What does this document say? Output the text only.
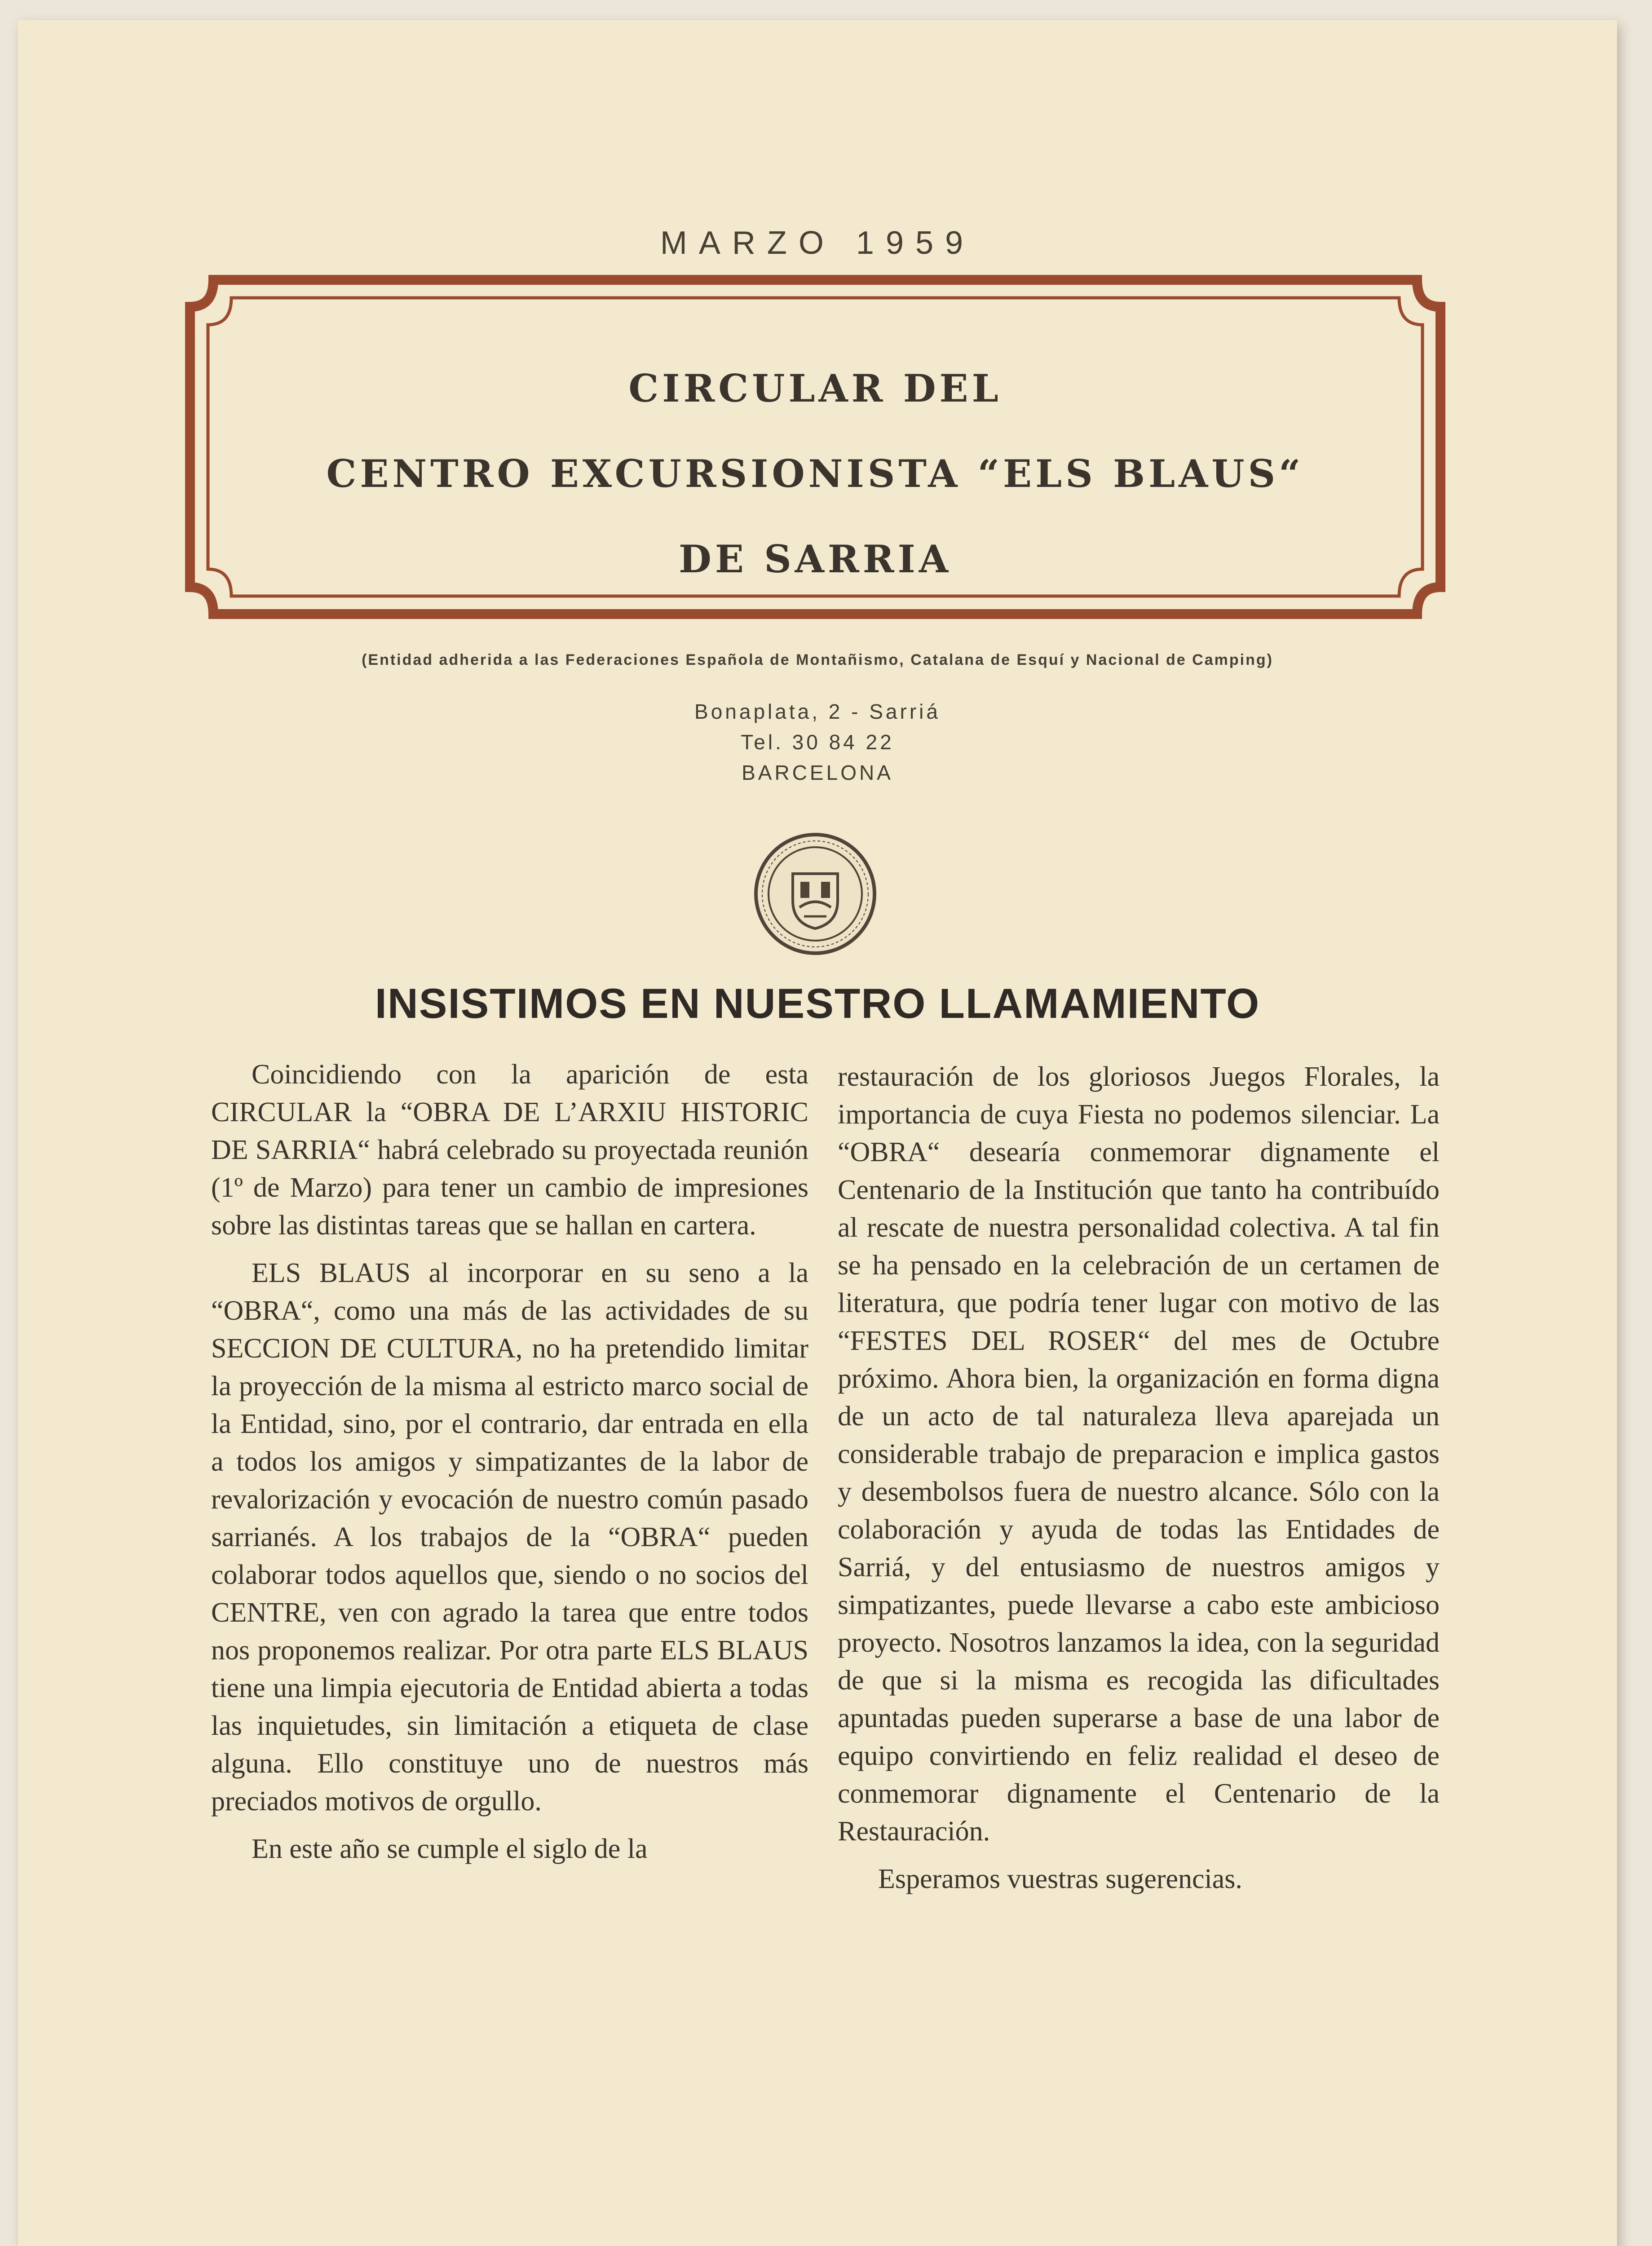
MARZO 1959
CIRCULAR DEL
CENTRO EXCURSIONISTA “ELS BLAUS“
DE SARRIA
(Entidad adherida a las Federaciones Española de Montañismo, Catalana de Esquí y Nacional de Camping)
Bonaplata, 2 - Sarriá
Tel. 30 84 22
BARCELONA
INSISTIMOS EN NUESTRO LLAMAMIENTO

Coincidiendo con la aparición de esta CIRCULAR la “OBRA DE L’ARXIU HISTORIC DE SARRIA“ habrá celebrado su proyectada reunión (1º de Marzo) para tener un cambio de impresiones sobre las distintas tareas que se hallan en cartera.

ELS BLAUS al incorporar en su seno a la “OBRA“, como una más de las actividades de su SECCION DE CULTURA, no ha pretendido limitar la proyección de la misma al estricto marco social de la Entidad, sino, por el contrario, dar entrada en ella a todos los amigos y simpatizantes de la labor de revalorización y evocación de nuestro común pasado sarrianés. A los trabajos de la “OBRA“ pueden colaborar todos aquellos que, siendo o no socios del CENTRE, ven con agrado la tarea que entre todos nos proponemos realizar. Por otra parte ELS BLAUS tiene una limpia ejecutoria de Entidad abierta a todas las inquietudes, sin limitación a etiqueta de clase alguna. Ello constituye uno de nuestros más preciados motivos de orgullo.

En este año se cumple el siglo de la

restauración de los gloriosos Juegos Florales, la importancia de cuya Fiesta no podemos silenciar. La “OBRA“ desearía conmemorar dignamente el Centenario de la Institución que tanto ha contribuído al rescate de nuestra personalidad colectiva. A tal fin se ha pensado en la celebración de un certamen de literatura, que podría tener lugar con motivo de las “FESTES DEL ROSER“ del mes de Octubre próximo. Ahora bien, la organización en forma digna de un acto de tal naturaleza lleva aparejada un considerable trabajo de preparacion e implica gastos y desembolsos fuera de nuestro alcance. Sólo con la colaboración y ayuda de todas las Entidades de Sarriá, y del entusiasmo de nuestros amigos y simpatizantes, puede llevarse a cabo este ambicioso proyecto. Nosotros lanzamos la idea, con la seguridad de que si la misma es recogida las dificultades apuntadas pueden superarse a base de una labor de equipo convirtiendo en feliz realidad el deseo de conmemorar dignamente el Centenario de la Restauración.

Esperamos vuestras sugerencias.
